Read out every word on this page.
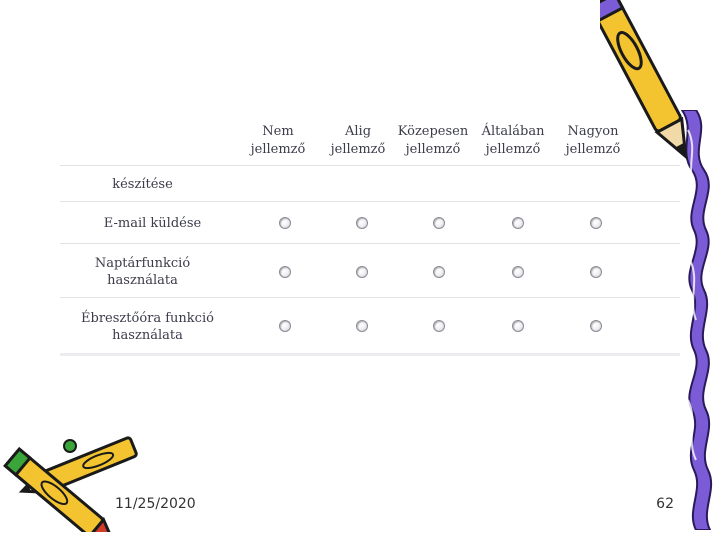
Nem
jellemző
Alig
jellemző
Közepesen
jellemző
Általában
jellemző
Nagyon
jellemző
készítése
E-mail küldése
Naptárfunkció
használata
Ébresztőóra funkció
használata
11/25/2020	62
